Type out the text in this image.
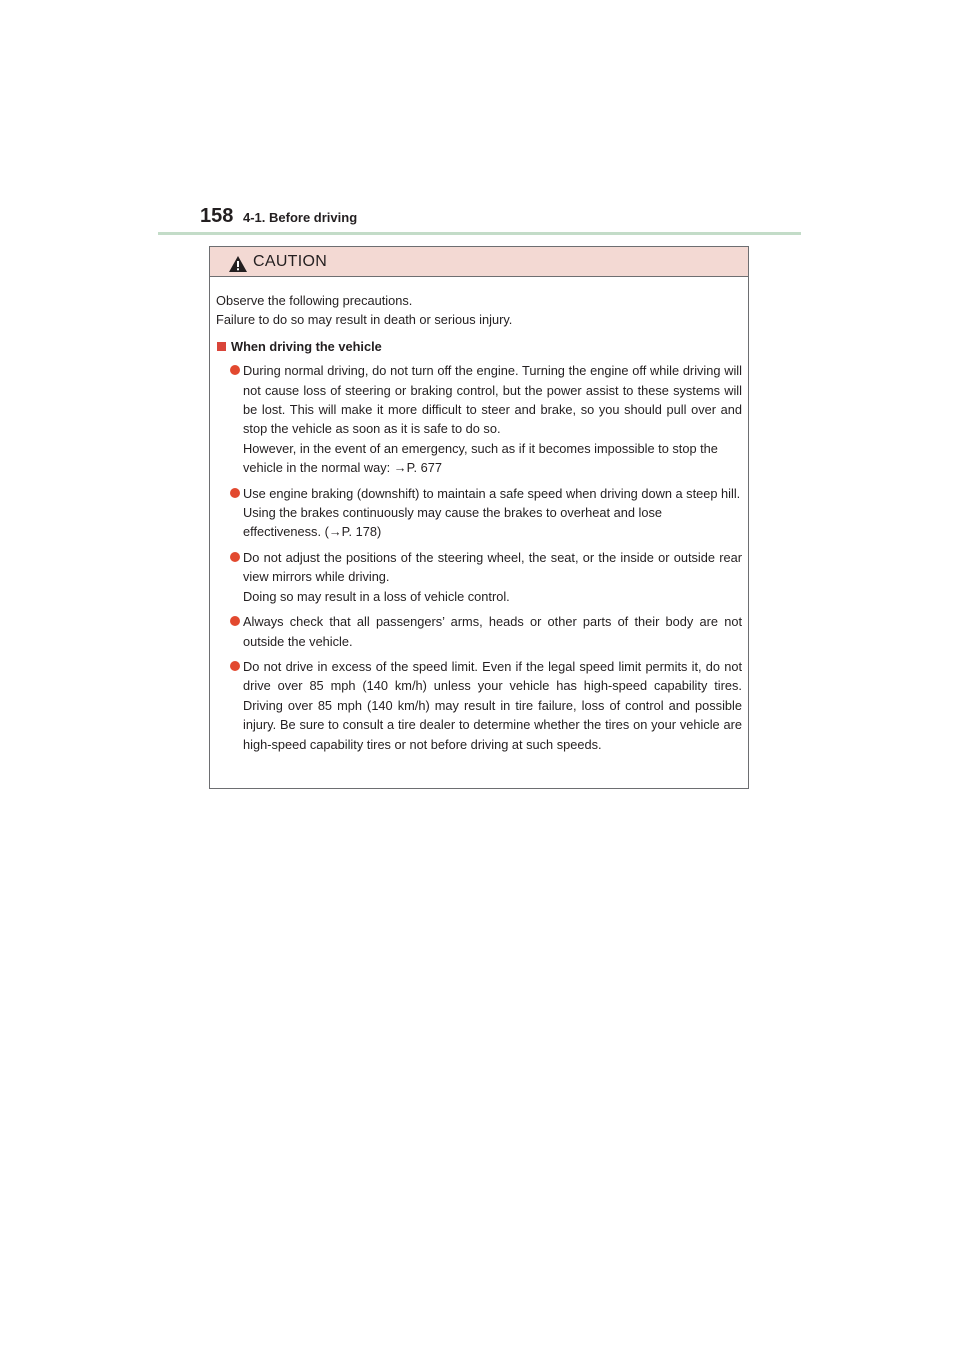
158 4-1. Before driving
CAUTION

Observe the following precautions.

Failure to do so may result in death or serious injury.

When driving the vehicle

During normal driving, do not turn off the engine. Turning the engine off while driving will not cause loss of steering or braking control, but the power assist to these systems will be lost. This will make it more difficult to steer and brake, so you should pull over and stop the vehicle as soon as it is safe to do so.

However, in the event of an emergency, such as if it becomes impossible to stop the vehicle in the normal way: →P. 677

Use engine braking (downshift) to maintain a safe speed when driving down a steep hill.

Using the brakes continuously may cause the brakes to overheat and lose effectiveness. (→P. 178)

Do not adjust the positions of the steering wheel, the seat, or the inside or outside rear view mirrors while driving.

Doing so may result in a loss of vehicle control.

Always check that all passengers’ arms, heads or other parts of their body are not outside the vehicle.

Do not drive in excess of the speed limit. Even if the legal speed limit permits it, do not drive over 85 mph (140 km/h) unless your vehicle has high-speed capability tires. Driving over 85 mph (140 km/h) may result in tire failure, loss of control and possible injury. Be sure to consult a tire dealer to determine whether the tires on your vehicle are high-speed capability tires or not before driving at such speeds.
